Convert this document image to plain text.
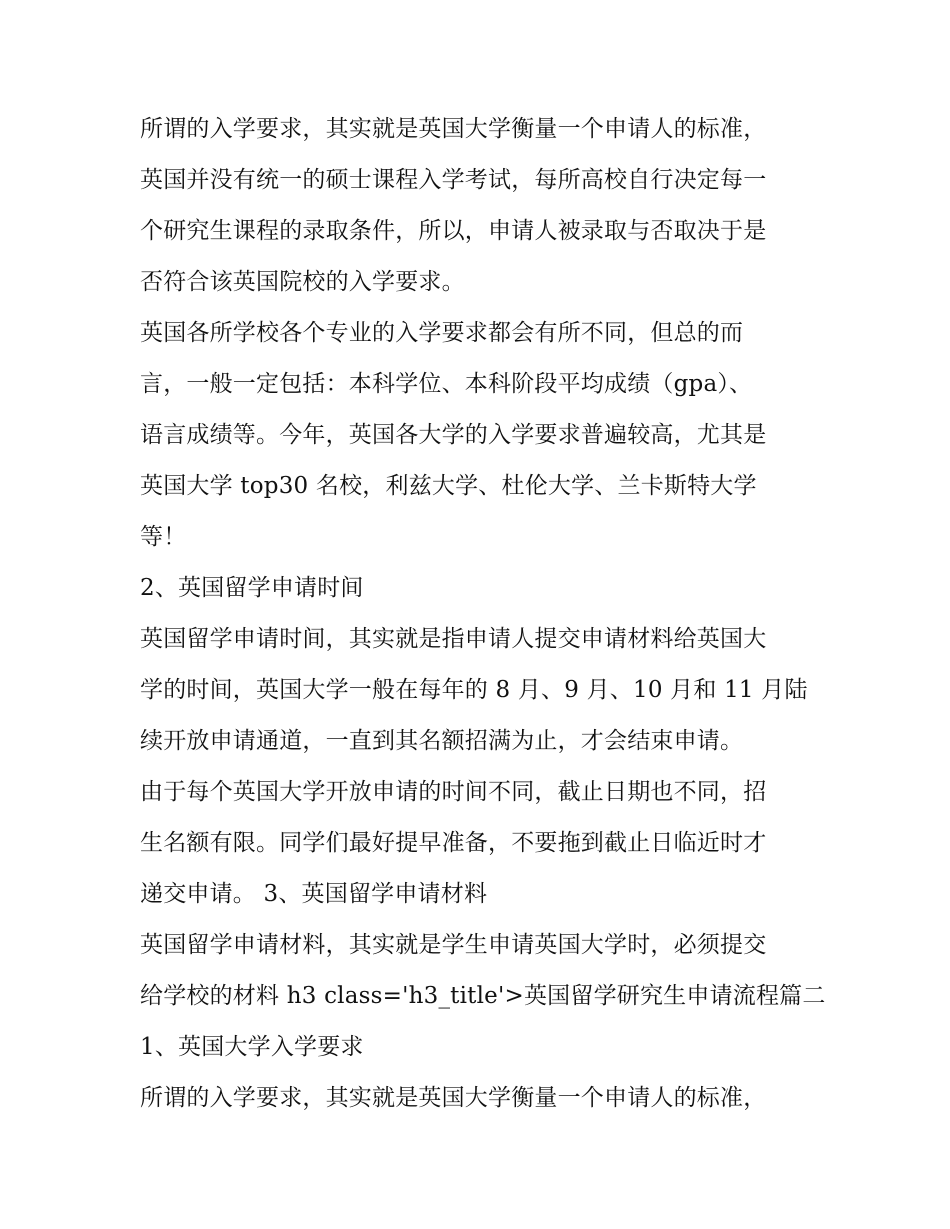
所谓的入学要求，其实就是英国大学衡量一个申请人的标准，
英国并没有统一的硕士课程入学考试，每所高校自行决定每一
个研究生课程的录取条件，所以，申请人被录取与否取决于是
否符合该英国院校的入学要求。
英国各所学校各个专业的入学要求都会有所不同，但总的而
言，一般一定包括：本科学位、本科阶段平均成绩（gpa）、
语言成绩等。今年，英国各大学的入学要求普遍较高，尤其是
英国大学 top30 名校，利兹大学、杜伦大学、兰卡斯特大学
等！
2、英国留学申请时间
英国留学申请时间，其实就是指申请人提交申请材料给英国大
学的时间，英国大学一般在每年的 8 月、9 月、10 月和 11 月陆
续开放申请通道，一直到其名额招满为止，才会结束申请。
由于每个英国大学开放申请的时间不同，截止日期也不同，招
生名额有限。同学们最好提早准备，不要拖到截止日临近时才
递交申请。 3、英国留学申请材料
英国留学申请材料，其实就是学生申请英国大学时，必须提交
给学校的材料 h3 class='h3_title'>英国留学研究生申请流程篇二
1、英国大学入学要求
所谓的入学要求，其实就是英国大学衡量一个申请人的标准，
